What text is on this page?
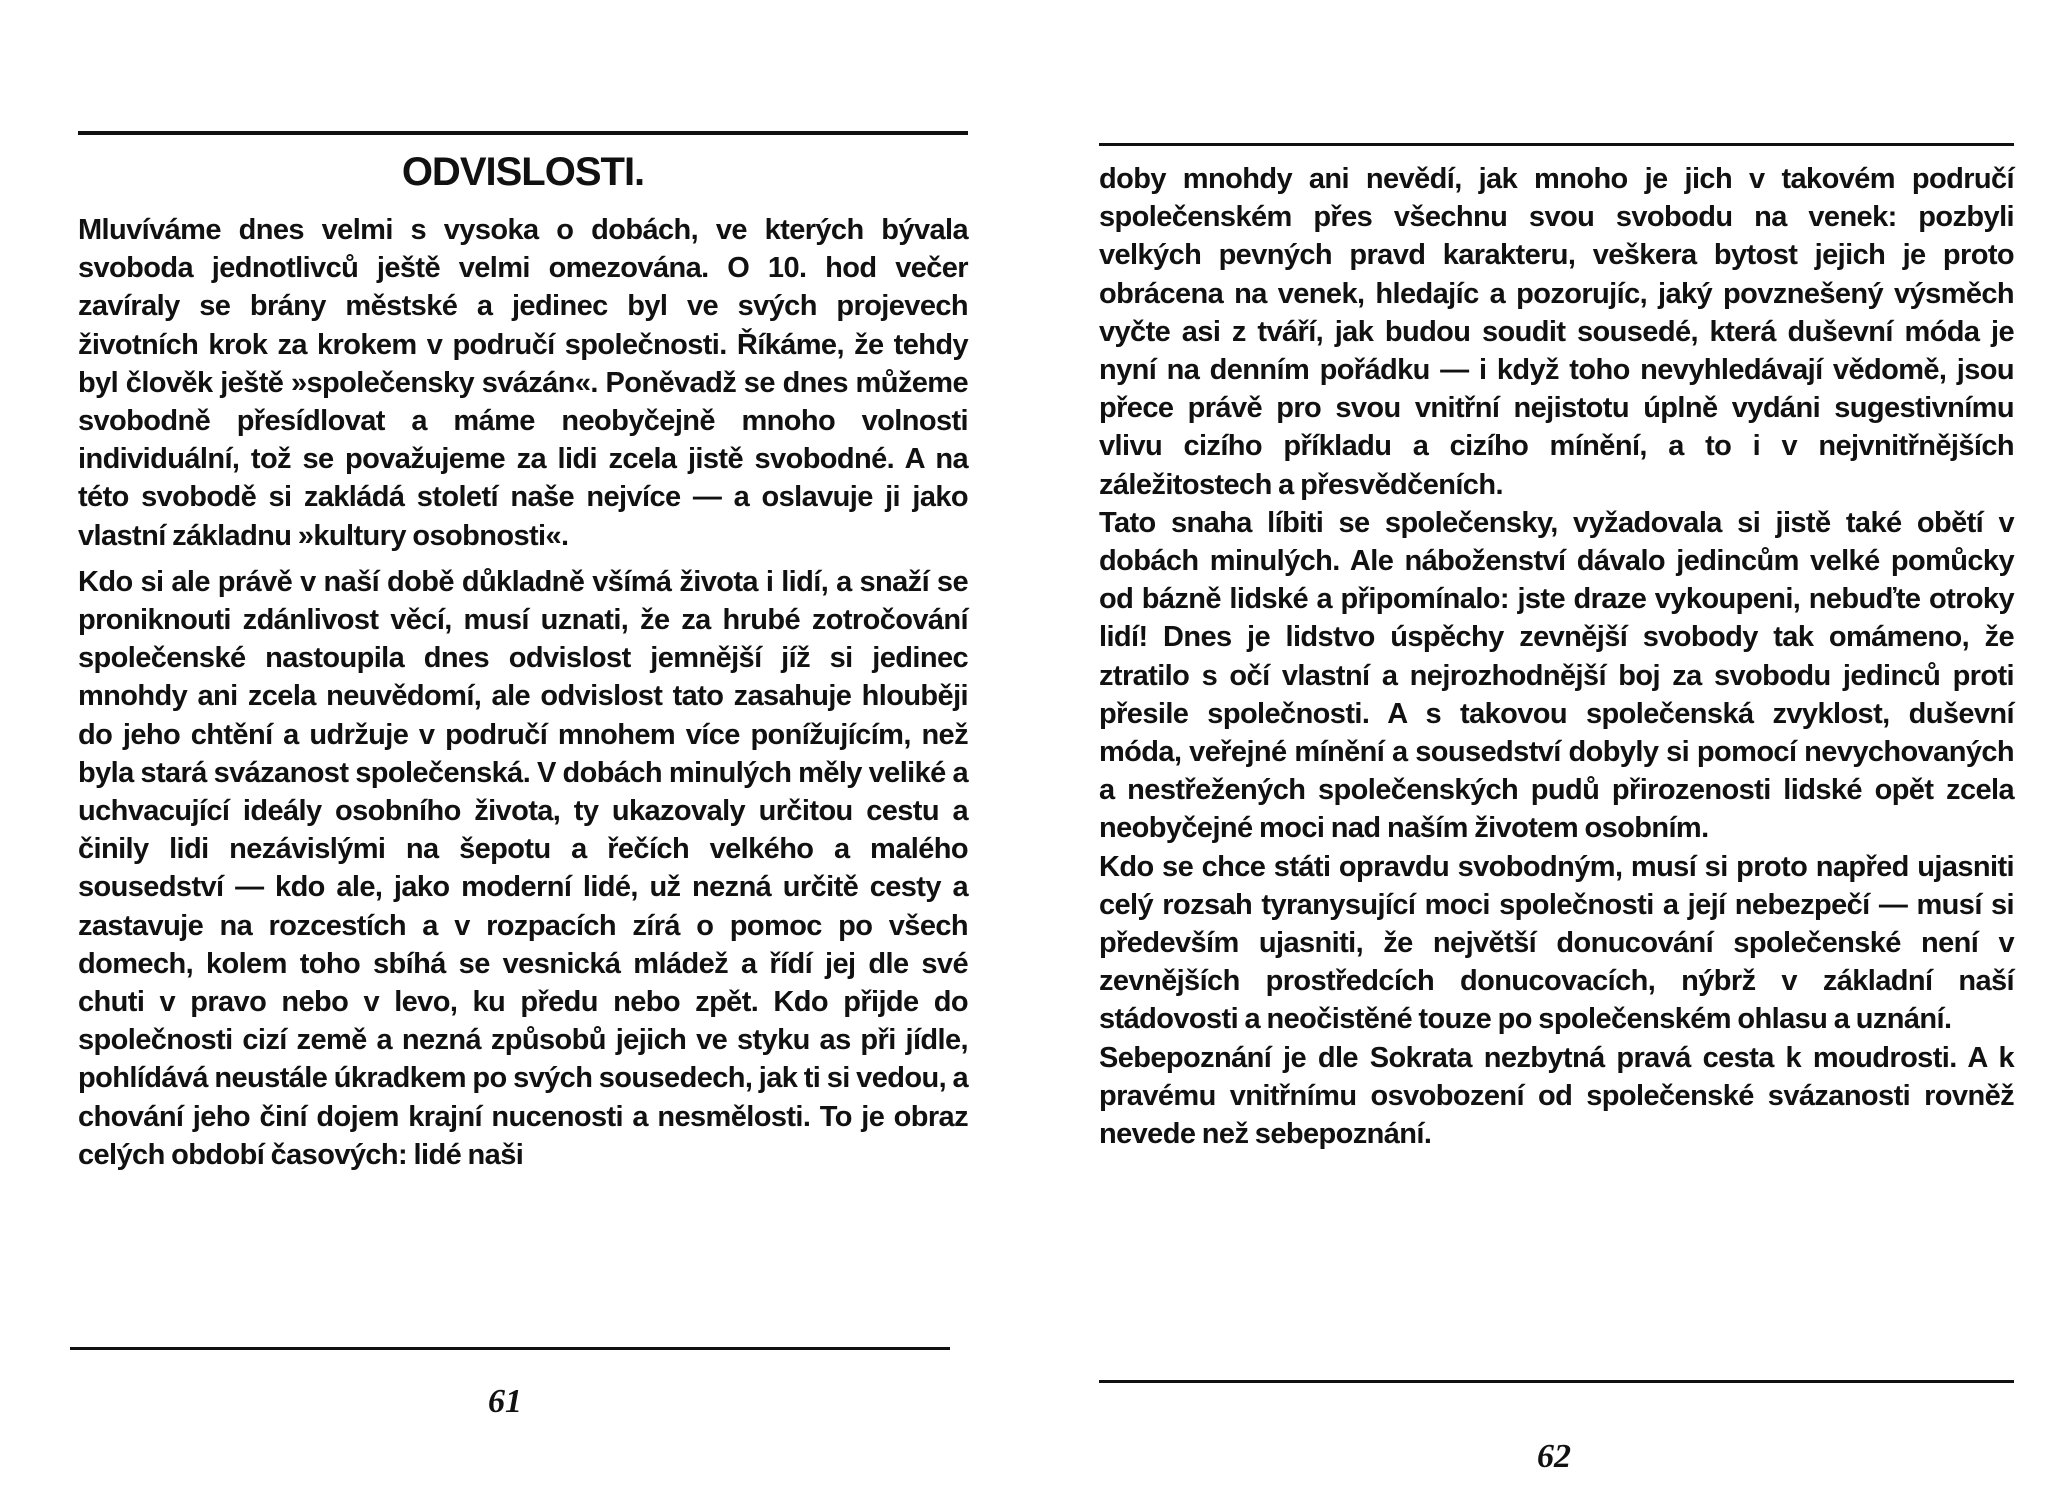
ODVISLOSTI.

Mluvíváme dnes velmi s vysoka o dobách, ve kterých bývala svoboda jednotlivců ještě velmi omezována. O 10. hod večer zavíraly se brány městské a jedinec byl ve svých projevech životních krok za krokem v područí společnosti. Říkáme, že tehdy byl člověk ještě »společensky svázán«. Poněvadž se dnes můžeme svobodně přesídlovat a máme neobyčejně mnoho volnosti individuální, tož se považujeme za lidi zcela jistě svobodné. A na této svobodě si zakládá století naše nejvíce — a oslavuje ji jako vlastní základnu »kultury osobnosti«.

Kdo si ale právě v naší době důkladně všímá života i lidí, a snaží se proniknouti zdánlivost věcí, musí uznati, že za hrubé zotročování společenské nastoupila dnes odvislost jemnější jíž si jedinec mnohdy ani zcela neuvědomí, ale odvislost tato zasahuje hlouběji do jeho chtění a udržuje v područí mnohem více ponížujícím, než byla stará svázanost společenská. V dobách minulých měly veliké a uchvacující ideály osobního života, ty ukazovaly určitou cestu a činily lidi nezávislými na šepotu a řečích velkého a malého sousedství — kdo ale, jako moderní lidé, už nezná určitě cesty a zastavuje na rozcestích a v rozpacích zírá o pomoc po všech domech, kolem toho sbíhá se vesnická mládež a řídí jej dle své chuti v pravo nebo v levo, ku předu nebo zpět. Kdo přijde do společnosti cizí země a nezná způsobů jejich ve styku as při jídle, pohlídává neustále úkradkem po svých sousedech, jak ti si vedou, a chování jeho činí dojem krajní nucenosti a nesmělosti. To je obraz celých období časových: lidé naši

61

doby mnohdy ani nevědí, jak mnoho je jich v takovém područí společenském přes všechnu svou svobodu na venek: pozbyli velkých pevných pravd karakteru, veškera bytost jejich je proto obrácena na venek, hledajíc a pozorujíc, jaký povznešený výsměch vyčte asi z tváří, jak budou soudit sousedé, která duševní móda je nyní na denním pořádku — i když toho nevyhledávají vědomě, jsou přece právě pro svou vnitřní nejistotu úplně vydáni sugestivnímu vlivu cizího příkladu a cizího mínění, a to i v nejvnitřnějších záležitostech a přesvědčeních.

Tato snaha líbiti se společensky, vyžadovala si jistě také obětí v dobách minulých. Ale náboženství dávalo jedincům velké pomůcky od bázně lidské a připomínalo: jste draze vykoupeni, nebuďte otroky lidí! Dnes je lidstvo úspěchy zevnější svobody tak omámeno, že ztratilo s očí vlastní a nejrozhodnější boj za svobodu jedinců proti přesile společnosti. A s takovou společenská zvyklost, duševní móda, veřejné mínění a sousedství dobyly si pomocí nevychovaných a nestřežených společenských pudů přirozenosti lidské opět zcela neobyčejné moci nad naším životem osobním.

Kdo se chce státi opravdu svobodným, musí si proto napřed ujasniti celý rozsah tyranysující moci společnosti a její nebezpečí — musí si především ujasniti, že největší donucování společenské není v zevnějších prostředcích donucovacích, nýbrž v základní naší stádovosti a neočistěné touze po společenském ohlasu a uznání.

Sebepoznání je dle Sokrata nezbytná pravá cesta k moudrosti. A k pravému vnitřnímu osvobození od společenské svázanosti rovněž nevede než sebepoznání.

62
